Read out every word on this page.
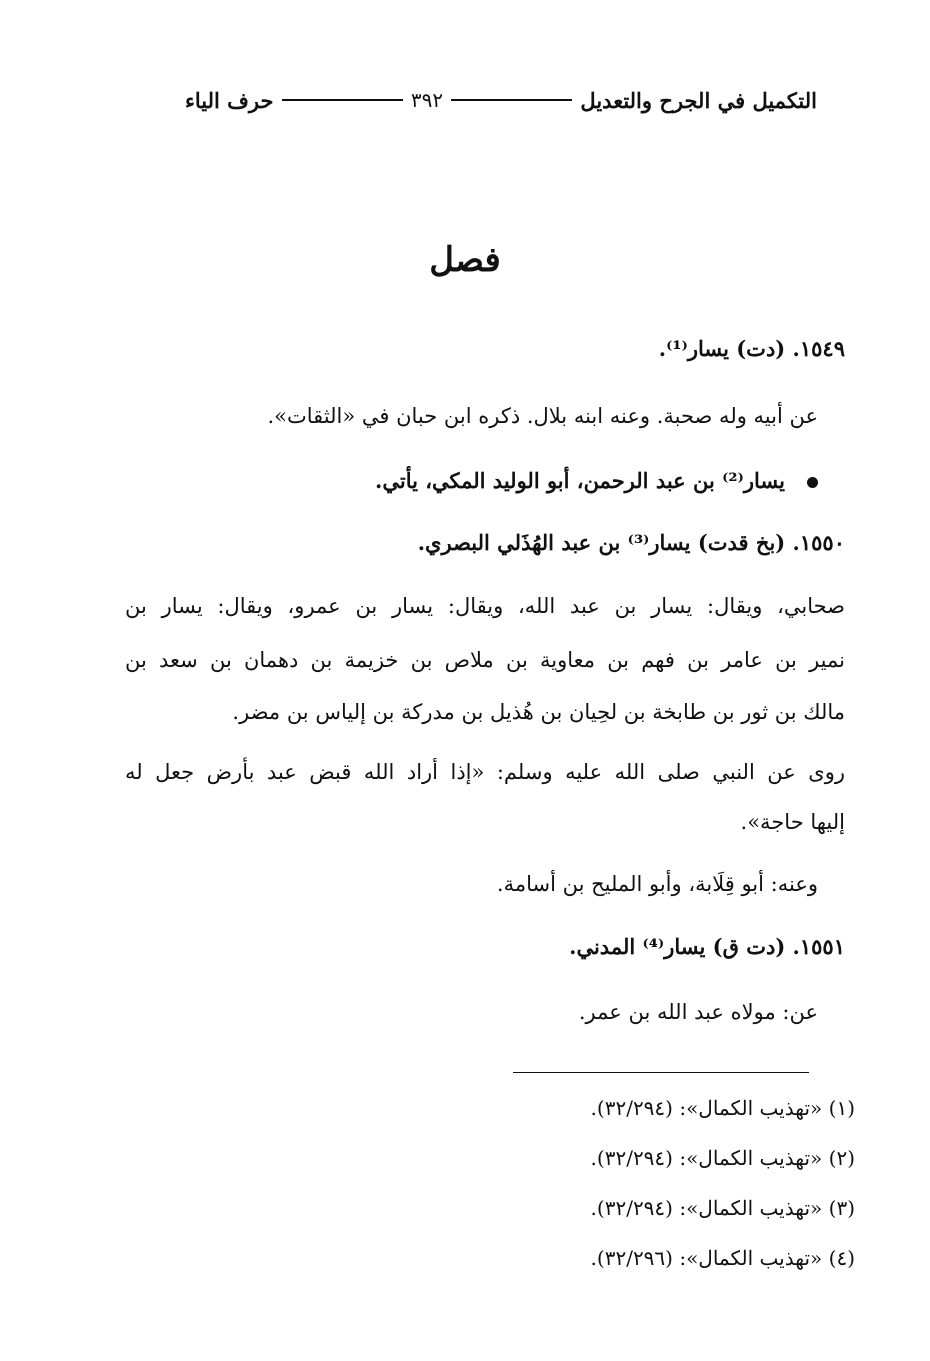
التكميل في الجرح والتعديل
٣٩٢
حرف الياء
فصل
١٥٤٩. (دت) يسار⁽¹⁾.
عن أبيه وله صحبة. وعنه ابنه بلال. ذكره ابن حبان في «الثقات».
يسار⁽²⁾ بن عبد الرحمن، أبو الوليد المكي، يأتي.
١٥٥٠. (بخ قدت) يسار⁽³⁾ بن عبد الهُذَلي البصري.
صحابي، ويقال: يسار بن عبد الله، ويقال: يسار بن عمرو، ويقال: يسار بن
نمير بن عامر بن فهم بن معاوية بن ملاص بن خزيمة بن دهمان بن سعد بن
مالك بن ثور بن طابخة بن لحِيان بن هُذيل بن مدركة بن إلياس بن مضر.
روى عن النبي صلى الله عليه وسلم: «إذا أراد الله قبض عبد بأرض جعل له
إليها حاجة».
وعنه: أبو قِلَابة، وأبو المليح بن أسامة.
١٥٥١. (دت ق) يسار⁽⁴⁾ المدني.
عن: مولاه عبد الله بن عمر.
(١) «تهذيب الكمال»: (٣٢/٢٩٤).
(٢) «تهذيب الكمال»: (٣٢/٢٩٤).
(٣) «تهذيب الكمال»: (٣٢/٢٩٤).
(٤) «تهذيب الكمال»: (٣٢/٢٩٦).
